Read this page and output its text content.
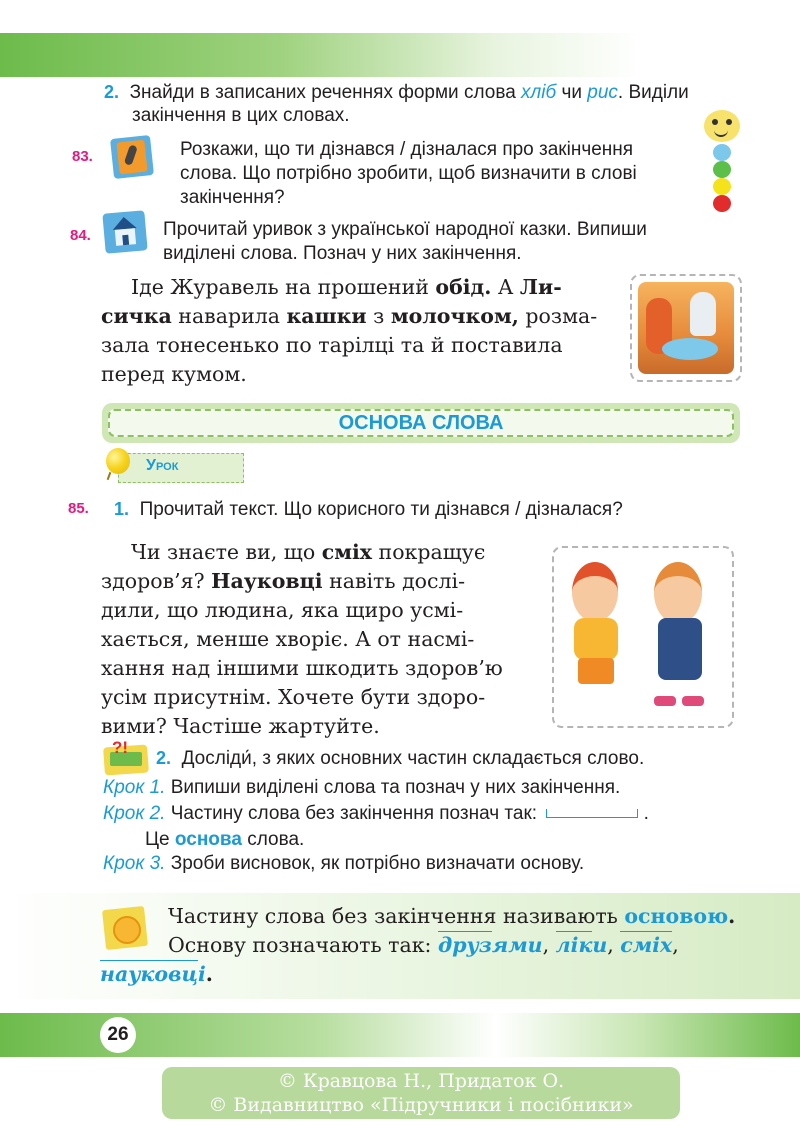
2. Знайди в записаних реченнях форми слова хліб чи рис. Виділи
закінчення в цих словах.
83.	Розкажи, що ти дізнався / дізналася про закінчення
слова. Що потрібно зробити, щоб визначити в слові
закінчення?
84.	Прочитай уривок з української народної казки. Випиши
виділені слова. Познач у них закінчення.
Іде Журавель на прошений обід. А Ли-
сичка наварила кашки з молочком, розма-
зала тонесенько по тарілці та й поставила
перед кумом.
ОСНОВА СЛОВА
Урок
85. 1. Прочитай текст. Що корисного ти дізнався / дізналася?
Чи знаєте ви, що сміх покращує
здоров’я? Науковці навіть дослі-
дили, що людина, яка щиро усмі-
хається, менше хворіє. А от насмі-
хання над іншими шкодить здоров’ю
усім присутнім. Хочете бути здоро-
вими? Частіше жартуйте.
?!
2. Досліди́, з яких основних частин складається слово.
Крок 1. Випиши виділені слова та познач у них закінчення.
Крок 2. Частину слова без закінчення познач так:	.
Це основа слова.
Крок 3. Зроби висновок, як потрібно визначати основу.
Частину слова без закінчення називають основою.
Основу позначають так: друзями, ліки, сміх,
науковці.
26
© Кравцова Н., Придаток О.
© Видавництво «Підручники і посібники»
